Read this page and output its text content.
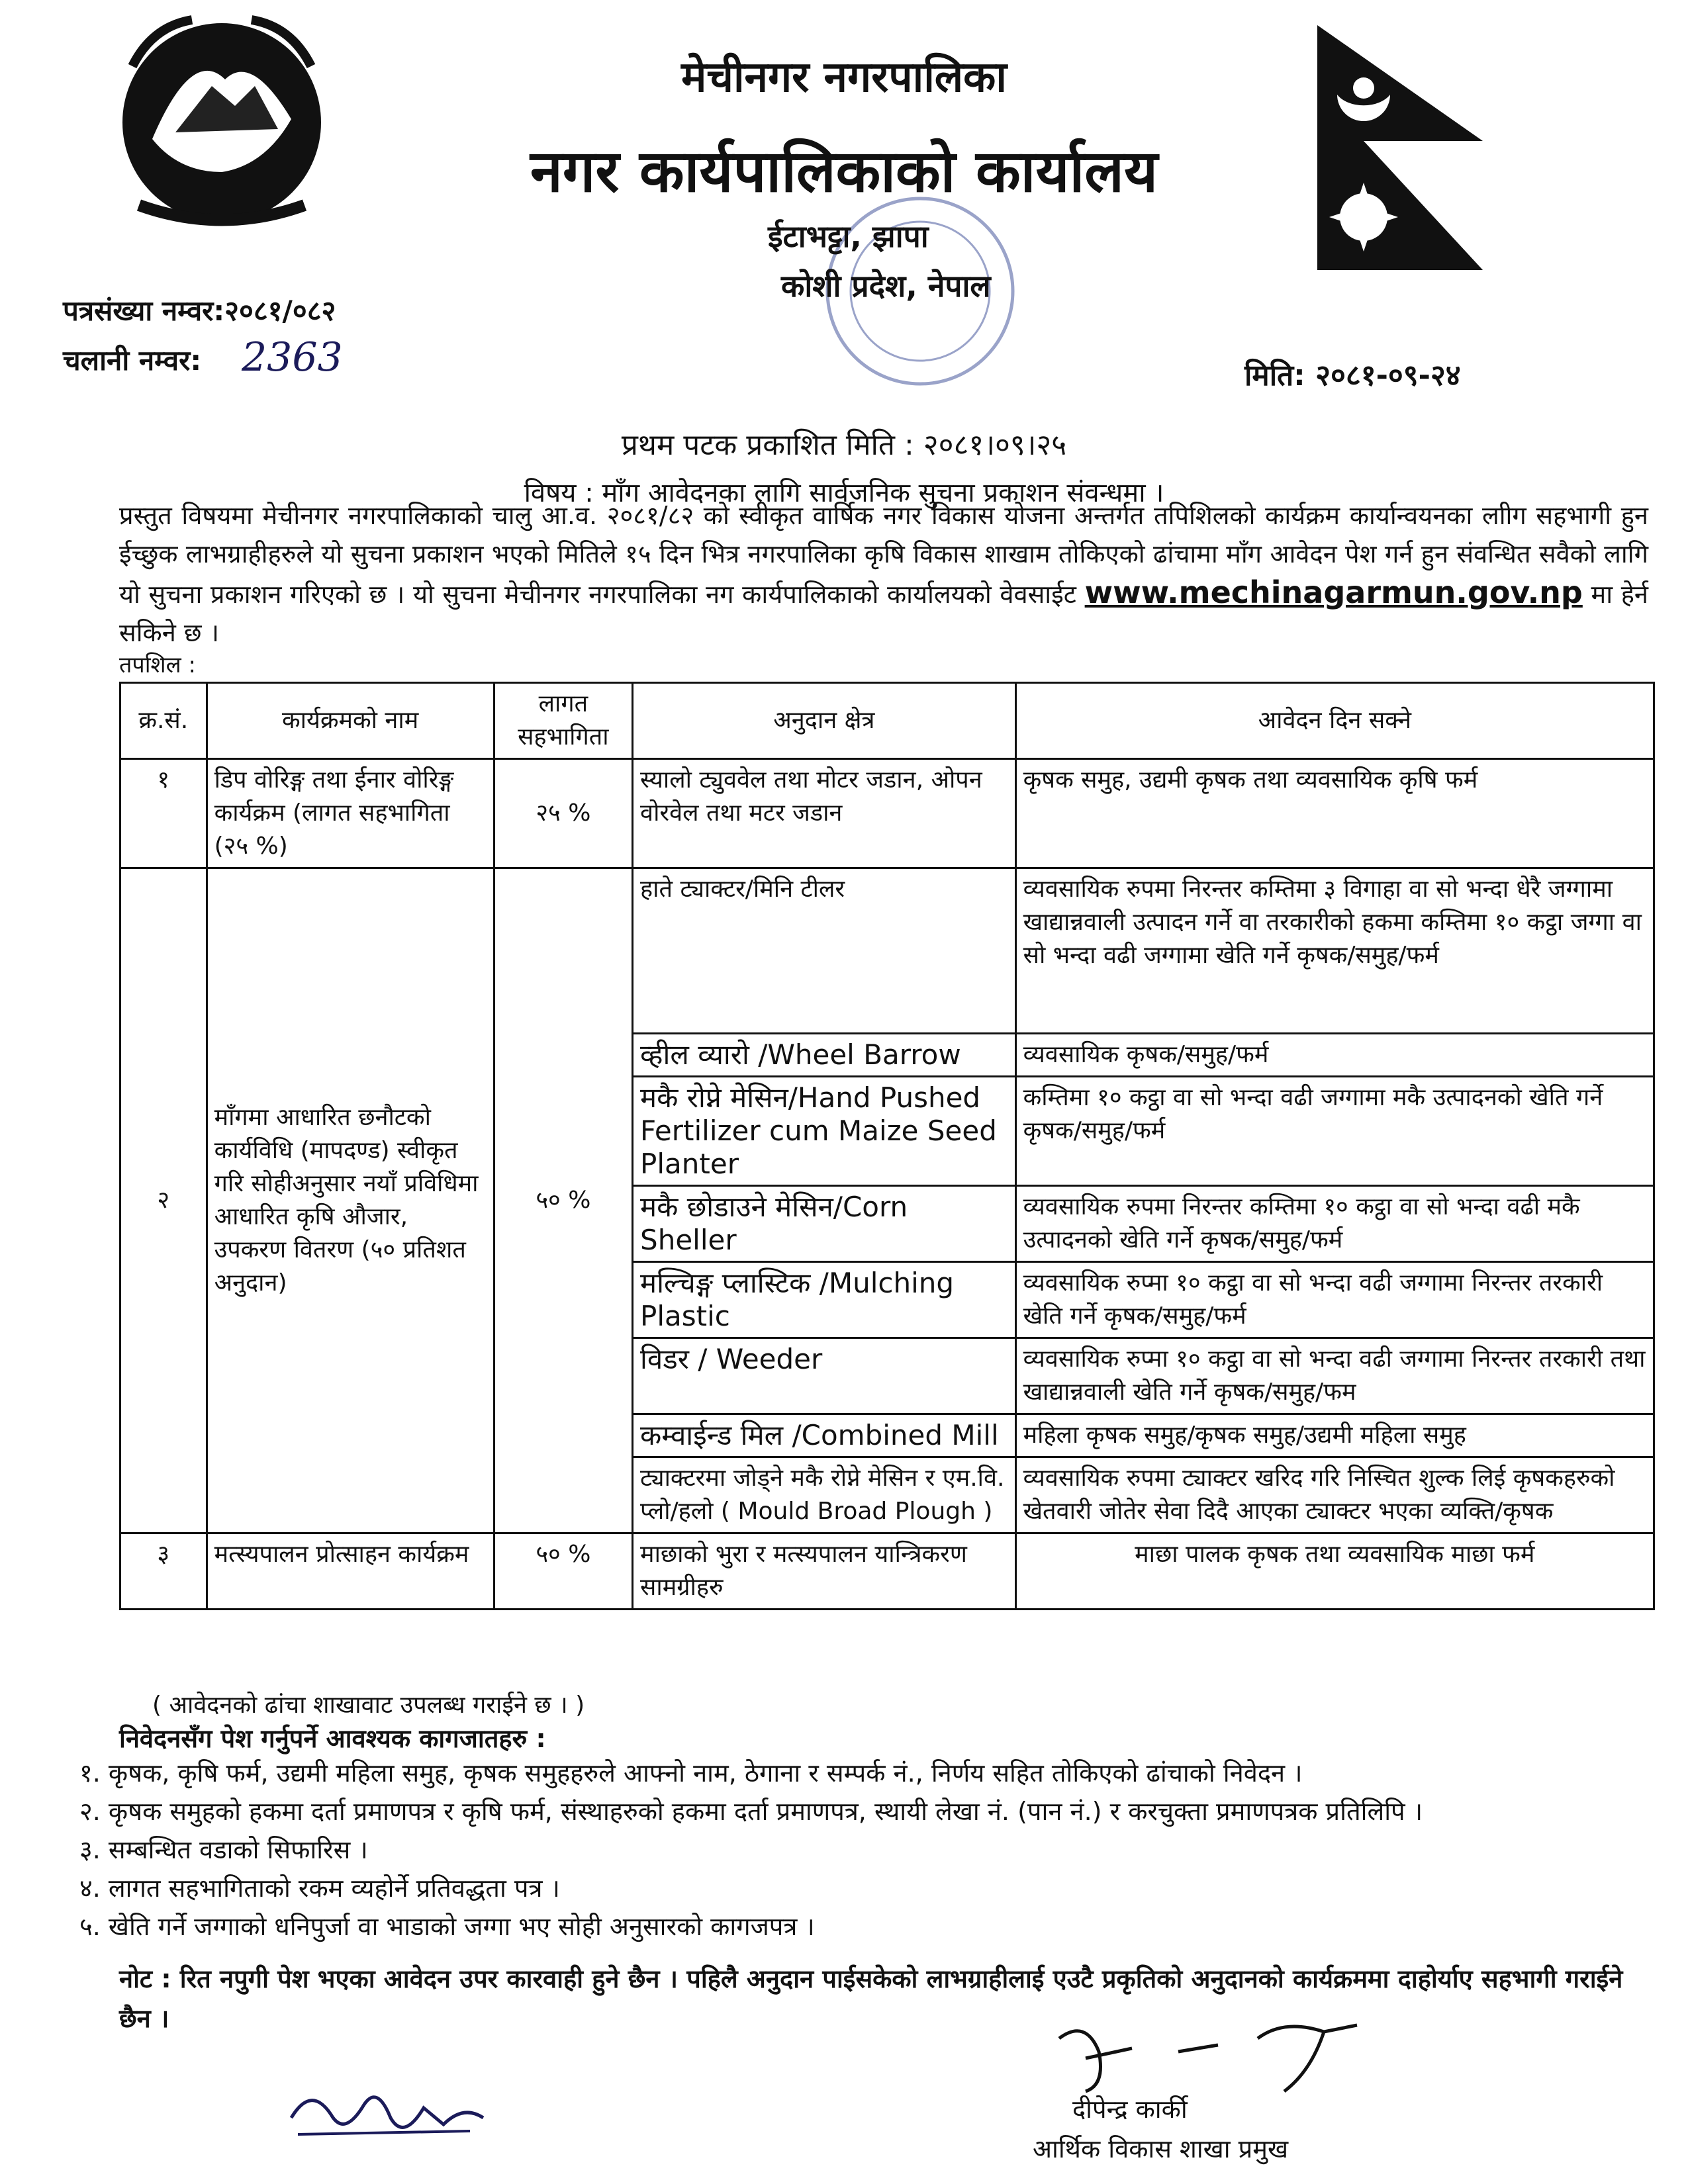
मेचीनगर नगरपालिका
नगर कार्यपालिकाको कार्यालय
ईटाभट्टा, झापा
कोशी प्रदेश, नेपाल
पत्रसंख्या नम्वर:२०८१/०८२
चलानी नम्वर: 2363	मिति: २०८१-०९-२४
प्रथम पटक प्रकाशित मिति : २०८१।०९।२५
विषय : माँग आवेदनका लागि सार्वजनिक सुचना प्रकाशन संवन्धमा ।
प्रस्तुत विषयमा मेचीनगर नगरपालिकाको चालु आ.व. २०८१/८२ को स्वीकृत वार्षिक नगर विकास योजना अन्तर्गत तपिशिलको कार्यक्रम कार्यान्वयनका लाीग सहभागी हुन ईच्छुक लाभग्राहीहरुले यो सुचना प्रकाशन भएको मितिले १५ दिन भित्र नगरपालिका कृषि विकास शाखाम तोकिएको ढांचामा माँग आवेदन पेश गर्न हुन संवन्धित सवैको लागि यो सुचना प्रकाशन गरिएको छ । यो सुचना मेचीनगर नगरपालिका नग कार्यपालिकाको कार्यालयको वेवसाईट www.mechinagarmun.gov.np मा हेर्न सकिने छ ।
तपशिल :
क्र.सं.	कार्यक्रमको नाम	लागत सहभागिता	अनुदान क्षेत्र	आवेदन दिन सक्ने
१	डिप वोरिङ्ग तथा ईनार वोरिङ्ग कार्यक्रम (लागत सहभागिता (२५ %)	२५ %	स्यालो ट्युववेल तथा मोटर जडान, ओपन वोरवेल तथा मटर जडान	कृषक समुह, उद्यमी कृषक तथा व्यवसायिक कृषि फर्म
२	माँगमा आधारित छनौटको कार्यविधि (मापदण्ड) स्वीकृत गरि सोहीअनुसार नयाँ प्रविधिमा आधारित कृषि औजार, उपकरण वितरण (५० प्रतिशत अनुदान)	५० %	हाते ट्याक्टर/मिनि टीलर	व्यवसायिक रुपमा निरन्तर कम्तिमा ३ विगाहा वा सो भन्दा धेरै जग्गामा खाद्यान्नवाली उत्पादन गर्ने वा तरकारीको हकमा कम्तिमा १० कट्ठा जग्गा वा सो भन्दा वढी जग्गामा खेति गर्ने कृषक/समुह/फर्म
			व्हील व्यारो /Wheel Barrow	व्यवसायिक कृषक/समुह/फर्म
			मकै रोप्ने मेसिन/Hand Pushed Fertilizer cum Maize Seed Planter	कम्तिमा १० कट्ठा वा सो भन्दा वढी जग्गामा मकै उत्पादनको खेति गर्ने कृषक/समुह/फर्म
			मकै छोडाउने मेसिन/Corn Sheller	व्यवसायिक रुपमा निरन्तर कम्तिमा १० कट्ठा वा सो भन्दा वढी मकै उत्पादनको खेति गर्ने कृषक/समुह/फर्म
			मल्चिङ्ग प्लास्टिक /Mulching Plastic	व्यवसायिक रुप्मा १० कट्ठा वा सो भन्दा वढी जग्गामा निरन्तर तरकारी खेति गर्ने कृषक/समुह/फर्म
			विडर / Weeder	व्यवसायिक रुप्मा १० कट्ठा वा सो भन्दा वढी जग्गामा निरन्तर तरकारी तथा खाद्यान्नवाली खेति गर्ने कृषक/समुह/फम
			कम्वाईन्ड मिल /Combined Mill	महिला कृषक समुह/कृषक समुह/उद्यमी महिला समुह
			ट्याक्टरमा जोड्ने मकै रोप्ने मेसिन र एम.वि. प्लो/हलो ( Mould Broad Plough )	व्यवसायिक रुपमा ट्याक्टर खरिद गरि निस्चित शुल्क लिई कृषकहरुको खेतवारी जोतेर सेवा दिदै आएका ट्याक्टर भएका व्यक्ति/कृषक
३	मत्स्यपालन प्रोत्साहन कार्यक्रम	५० %	माछाको भुरा र मत्स्यपालन यान्त्रिकरण सामग्रीहरु	माछा पालक कृषक तथा व्यवसायिक माछा फर्म
( आवेदनको ढांचा शाखावाट उपलब्ध गराईने छ । )
निवेदनसँग पेश गर्नुपर्ने आवश्यक कागजातहरु :
१. कृषक, कृषि फर्म, उद्यमी महिला समुह, कृषक समुहहरुले आफ्नो नाम, ठेगाना र सम्पर्क नं., निर्णय सहित तोकिएको ढांचाको निवेदन ।
२. कृषक समुहको हकमा दर्ता प्रमाणपत्र र कृषि फर्म, संस्थाहरुको हकमा दर्ता प्रमाणपत्र, स्थायी लेखा नं. (पान नं.) र करचुक्ता प्रमाणपत्रक प्रतिलिपि ।
३. सम्बन्धित वडाको सिफारिस ।
४. लागत सहभागिताको रकम व्यहोर्ने प्रतिवद्धता पत्र ।
५. खेति गर्ने जग्गाको धनिपुर्जा वा भाडाको जग्गा भए सोही अनुसारको कागजपत्र ।
नोट : रित नपुगी पेश भएका आवेदन उपर कारवाही हुने छैन । पहिलै अनुदान पाईसकेको लाभग्राहीलाई एउटै प्रकृतिको अनुदानको कार्यक्रममा दाहोर्याए सहभागी गराईने छैन ।
दीपेन्द्र कार्की
आर्थिक विकास शाखा प्रमुख
